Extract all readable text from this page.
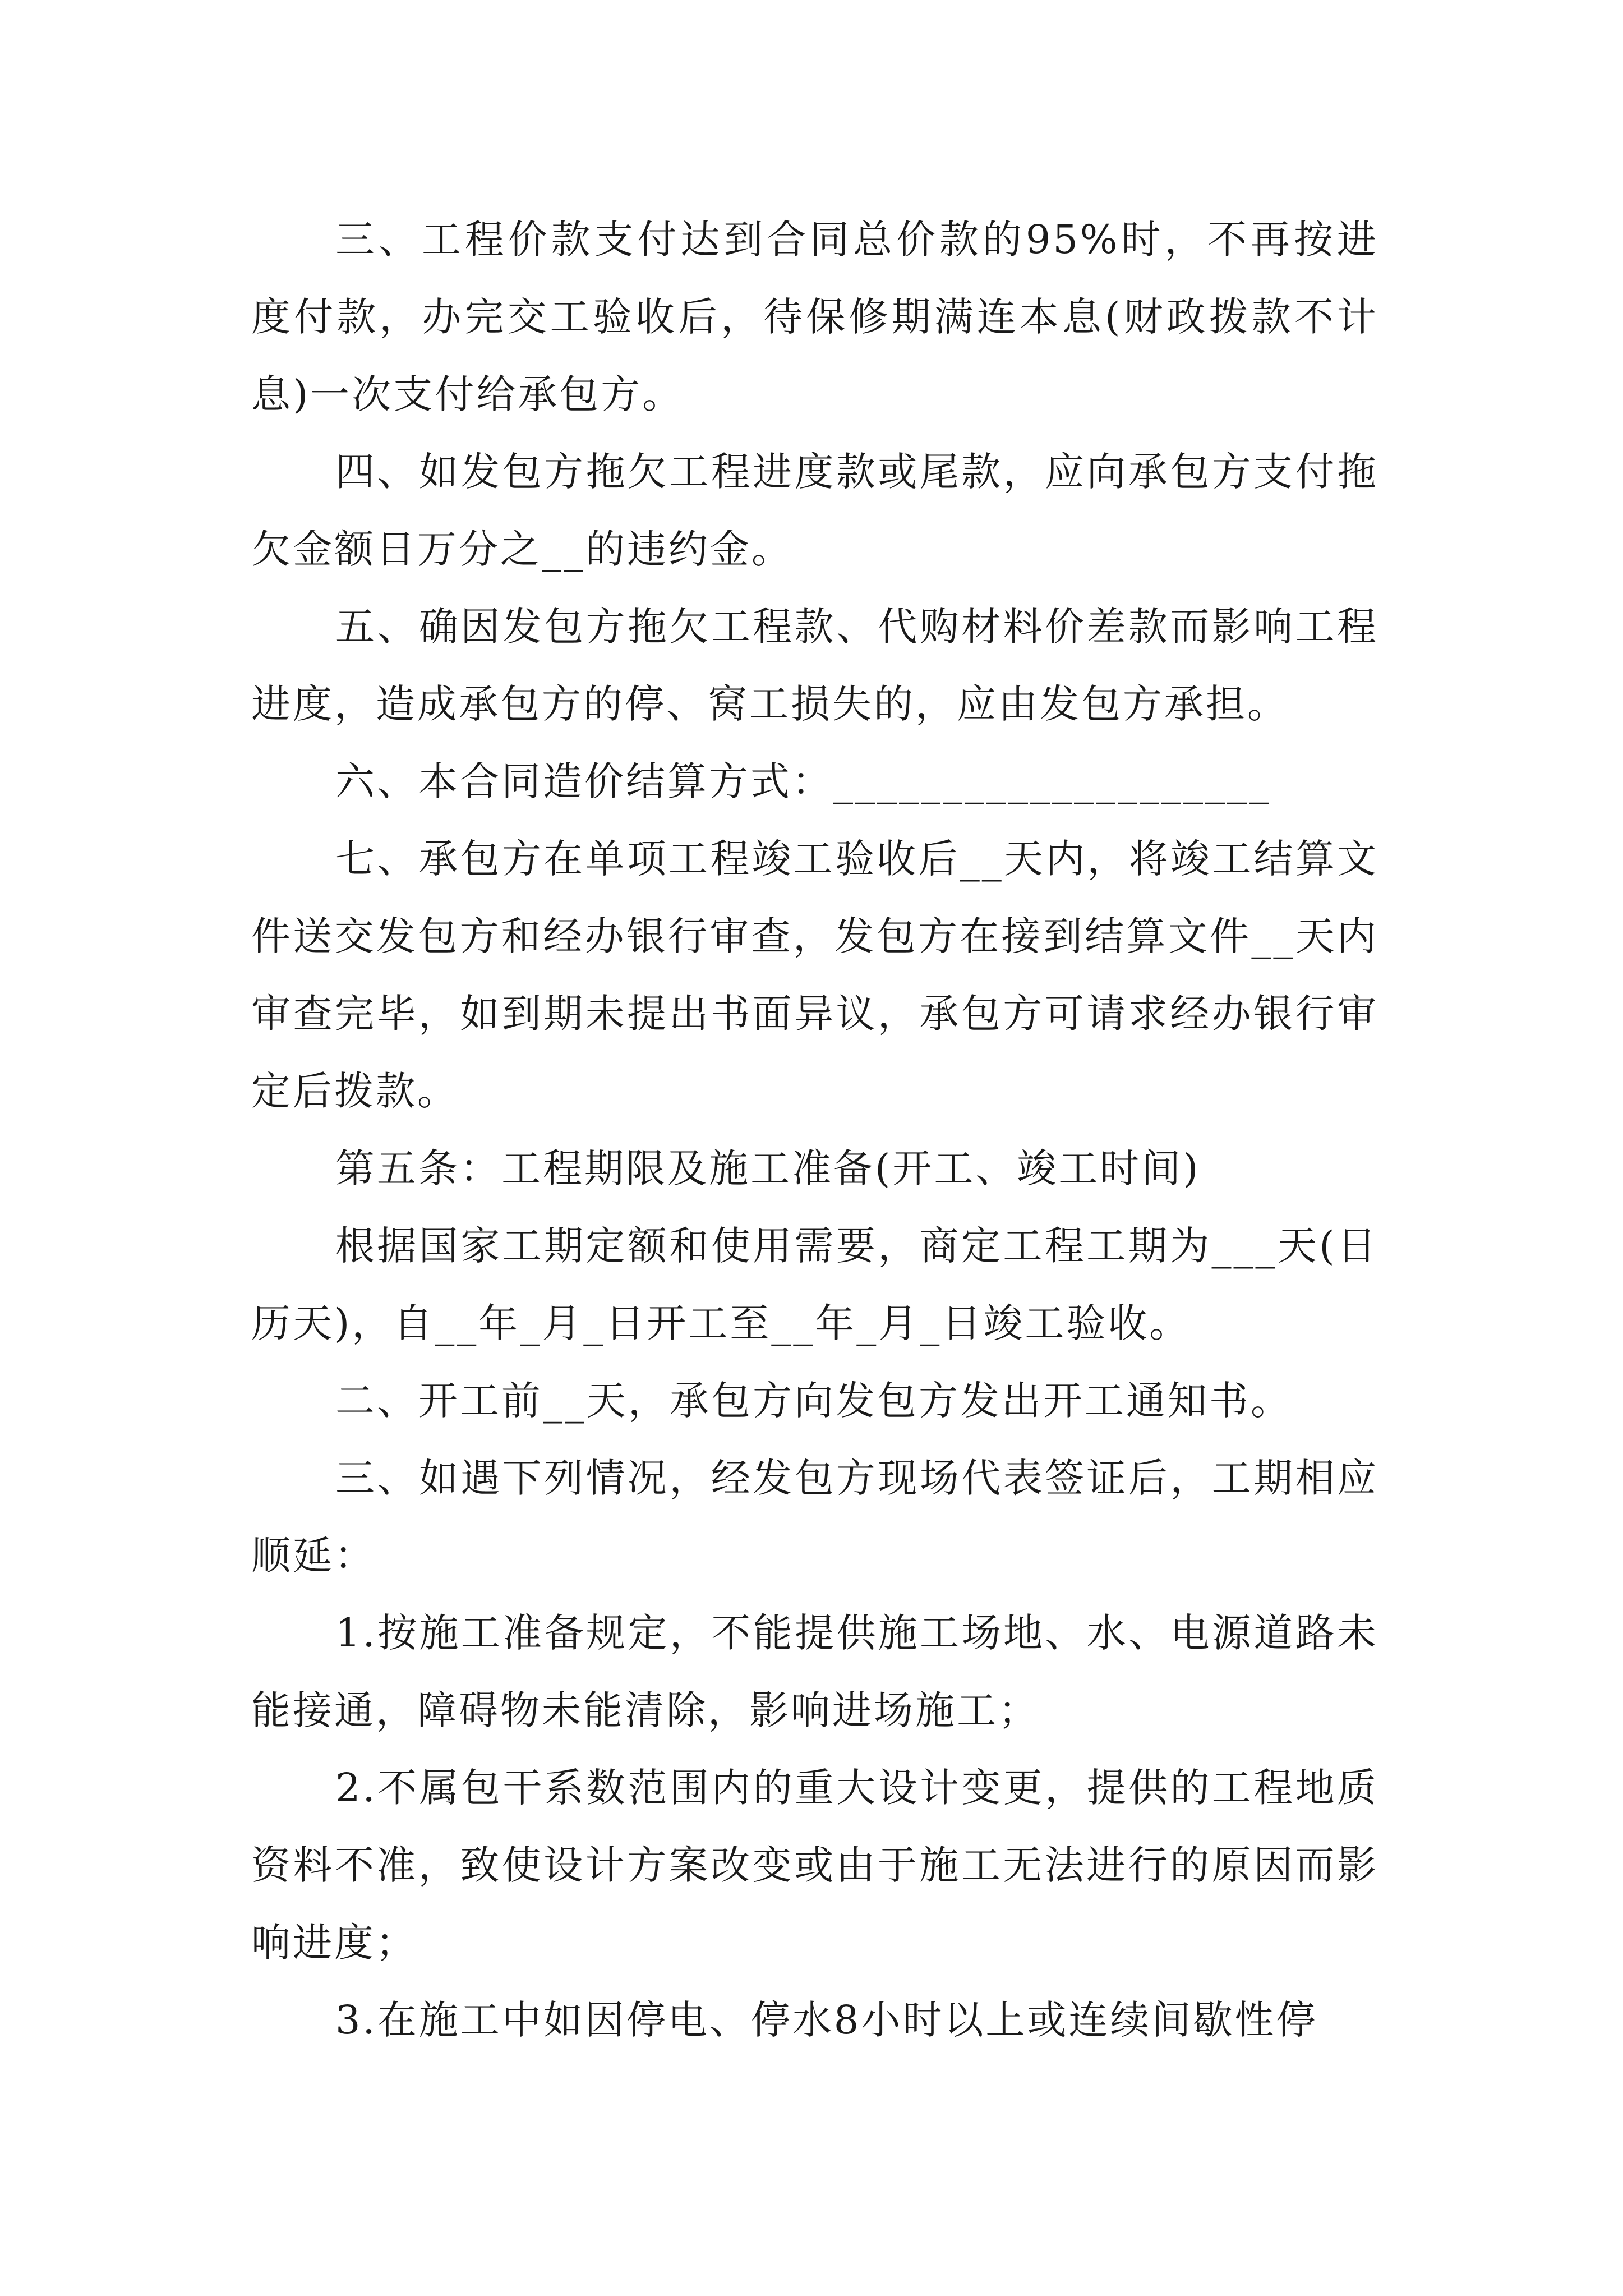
三、工程价款支付达到合同总价款的95%时，不再按进度付款，办完交工验收后，待保修期满连本息(财政拨款不计息)一次支付给承包方。

四、如发包方拖欠工程进度款或尾款，应向承包方支付拖欠金额日万分之__的违约金。

五、确因发包方拖欠工程款、代购材料价差款而影响工程进度，造成承包方的停、窝工损失的，应由发包方承担。

六、本合同造价结算方式：____________________

七、承包方在单项工程竣工验收后__天内，将竣工结算文件送交发包方和经办银行审查，发包方在接到结算文件__天内审查完毕，如到期未提出书面异议，承包方可请求经办银行审定后拨款。

第五条：工程期限及施工准备(开工、竣工时间)

根据国家工期定额和使用需要，商定工程工期为___天(日历天)，自__年_月_日开工至__年_月_日竣工验收。

二、开工前__天，承包方向发包方发出开工通知书。

三、如遇下列情况，经发包方现场代表签证后，工期相应顺延：

1.按施工准备规定，不能提供施工场地、水、电源道路未能接通，障碍物未能清除，影响进场施工；

2.不属包干系数范围内的重大设计变更，提供的工程地质资料不准，致使设计方案改变或由于施工无法进行的原因而影响进度；

3.在施工中如因停电、停水8小时以上或连续间歇性停
